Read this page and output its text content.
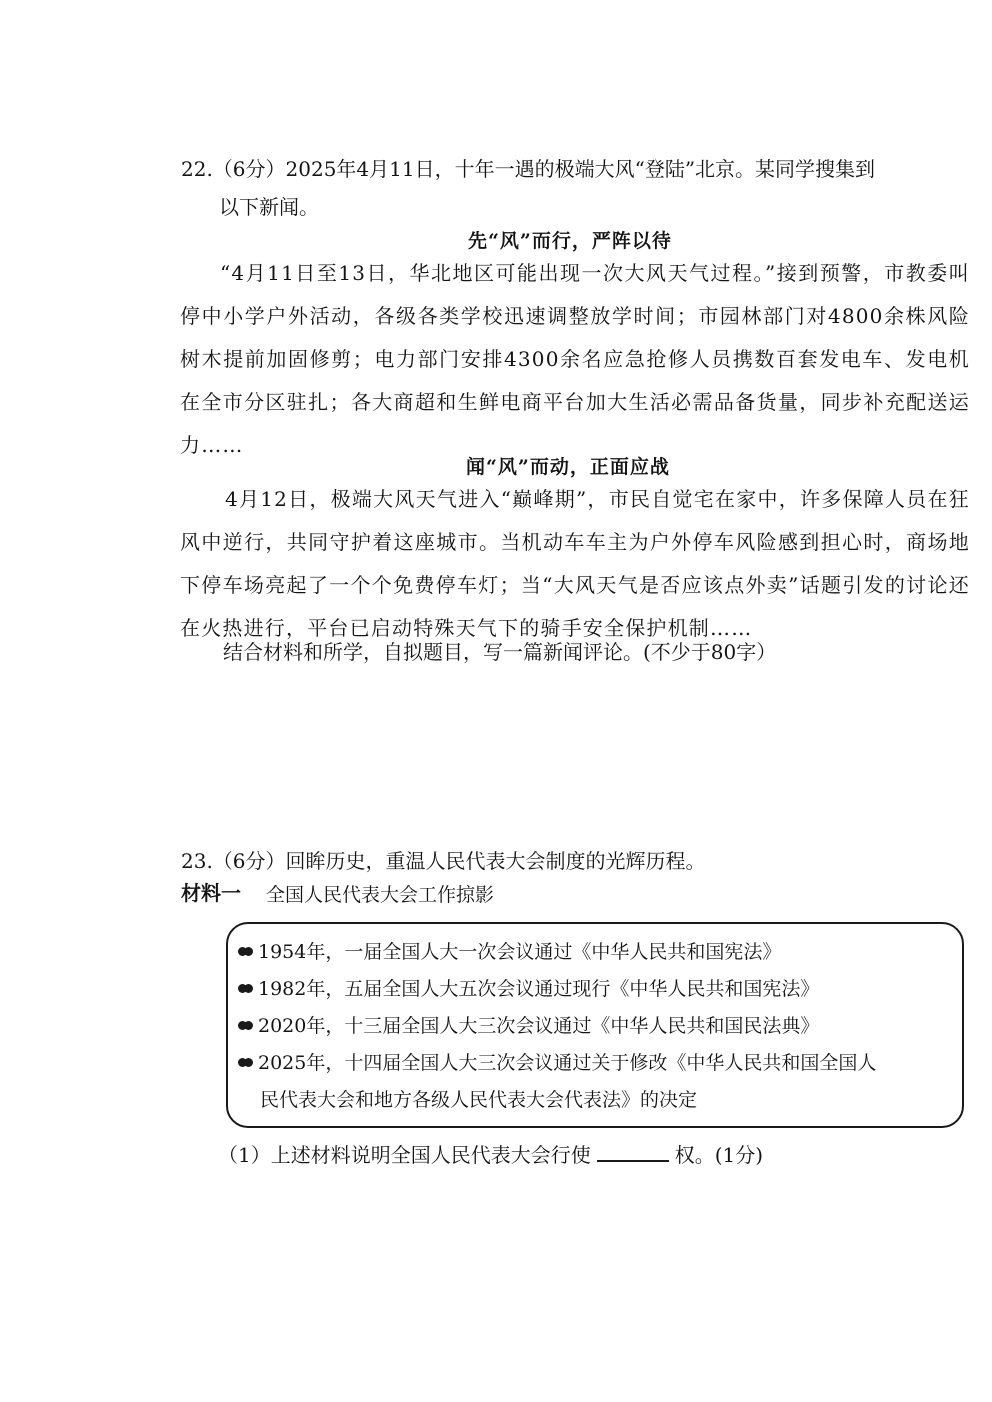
22.（6分）2025年4月11日，十年一遇的极端大风“登陆”北京。某同学搜集到
以下新闻。
先“风”而行，严阵以待
“4月11日至13日，华北地区可能出现一次大风天气过程。”接到预警，市教委叫停中小学户外活动，各级各类学校迅速调整放学时间；市园林部门对4800余株风险树木提前加固修剪；电力部门安排4300余名应急抢修人员携数百套发电车、发电机在全市分区驻扎；各大商超和生鲜电商平台加大生活必需品备货量，同步补充配送运力……
闻“风”而动，正面应战
4月12日，极端大风天气进入“巅峰期”，市民自觉宅在家中，许多保障人员在狂风中逆行，共同守护着这座城市。当机动车车主为户外停车风险感到担心时，商场地下停车场亮起了一个个免费停车灯；当“大风天气是否应该点外卖”话题引发的讨论还在火热进行，平台已启动特殊天气下的骑手安全保护机制……
结合材料和所学，自拟题目，写一篇新闻评论。(不少于80字）
23.（6分）回眸历史，重温人民代表大会制度的光辉历程。
材料一 全国人民代表大会工作掠影
1954年，一届全国人大一次会议通过《中华人民共和国宪法》
1982年，五届全国人大五次会议通过现行《中华人民共和国宪法》
2020年，十三届全国人大三次会议通过《中华人民共和国民法典》
2025年，十四届全国人大三次会议通过关于修改《中华人民共和国全国人
民代表大会和地方各级人民代表大会代表法》的决定
（1）上述材料说明全国人民代表大会行使	权。(1分)
